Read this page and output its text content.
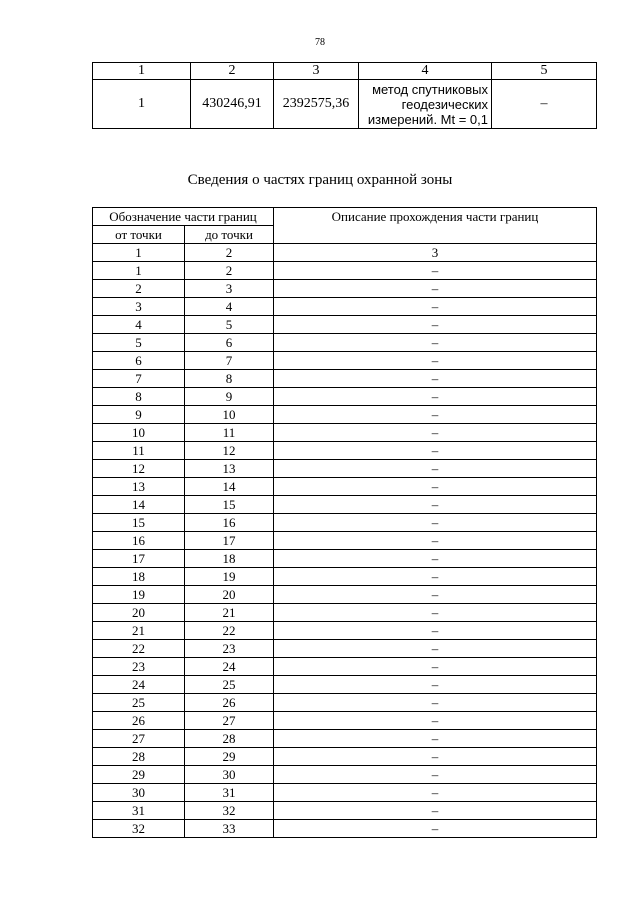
78
1	2	3	4	5
1	430246,91	2392575,36	метод спутниковых геодезических измерений. Mt = 0,1	–
Сведения о частях границ охранной зоны
Обозначение части границ		Описание прохождения части границ
от точки	до точки	
1	2	3
1	2	–
2	3	–
3	4	–
4	5	–
5	6	–
6	7	–
7	8	–
8	9	–
9	10	–
10	11	–
11	12	–
12	13	–
13	14	–
14	15	–
15	16	–
16	17	–
17	18	–
18	19	–
19	20	–
20	21	–
21	22	–
22	23	–
23	24	–
24	25	–
25	26	–
26	27	–
27	28	–
28	29	–
29	30	–
30	31	–
31	32	–
32	33	–
